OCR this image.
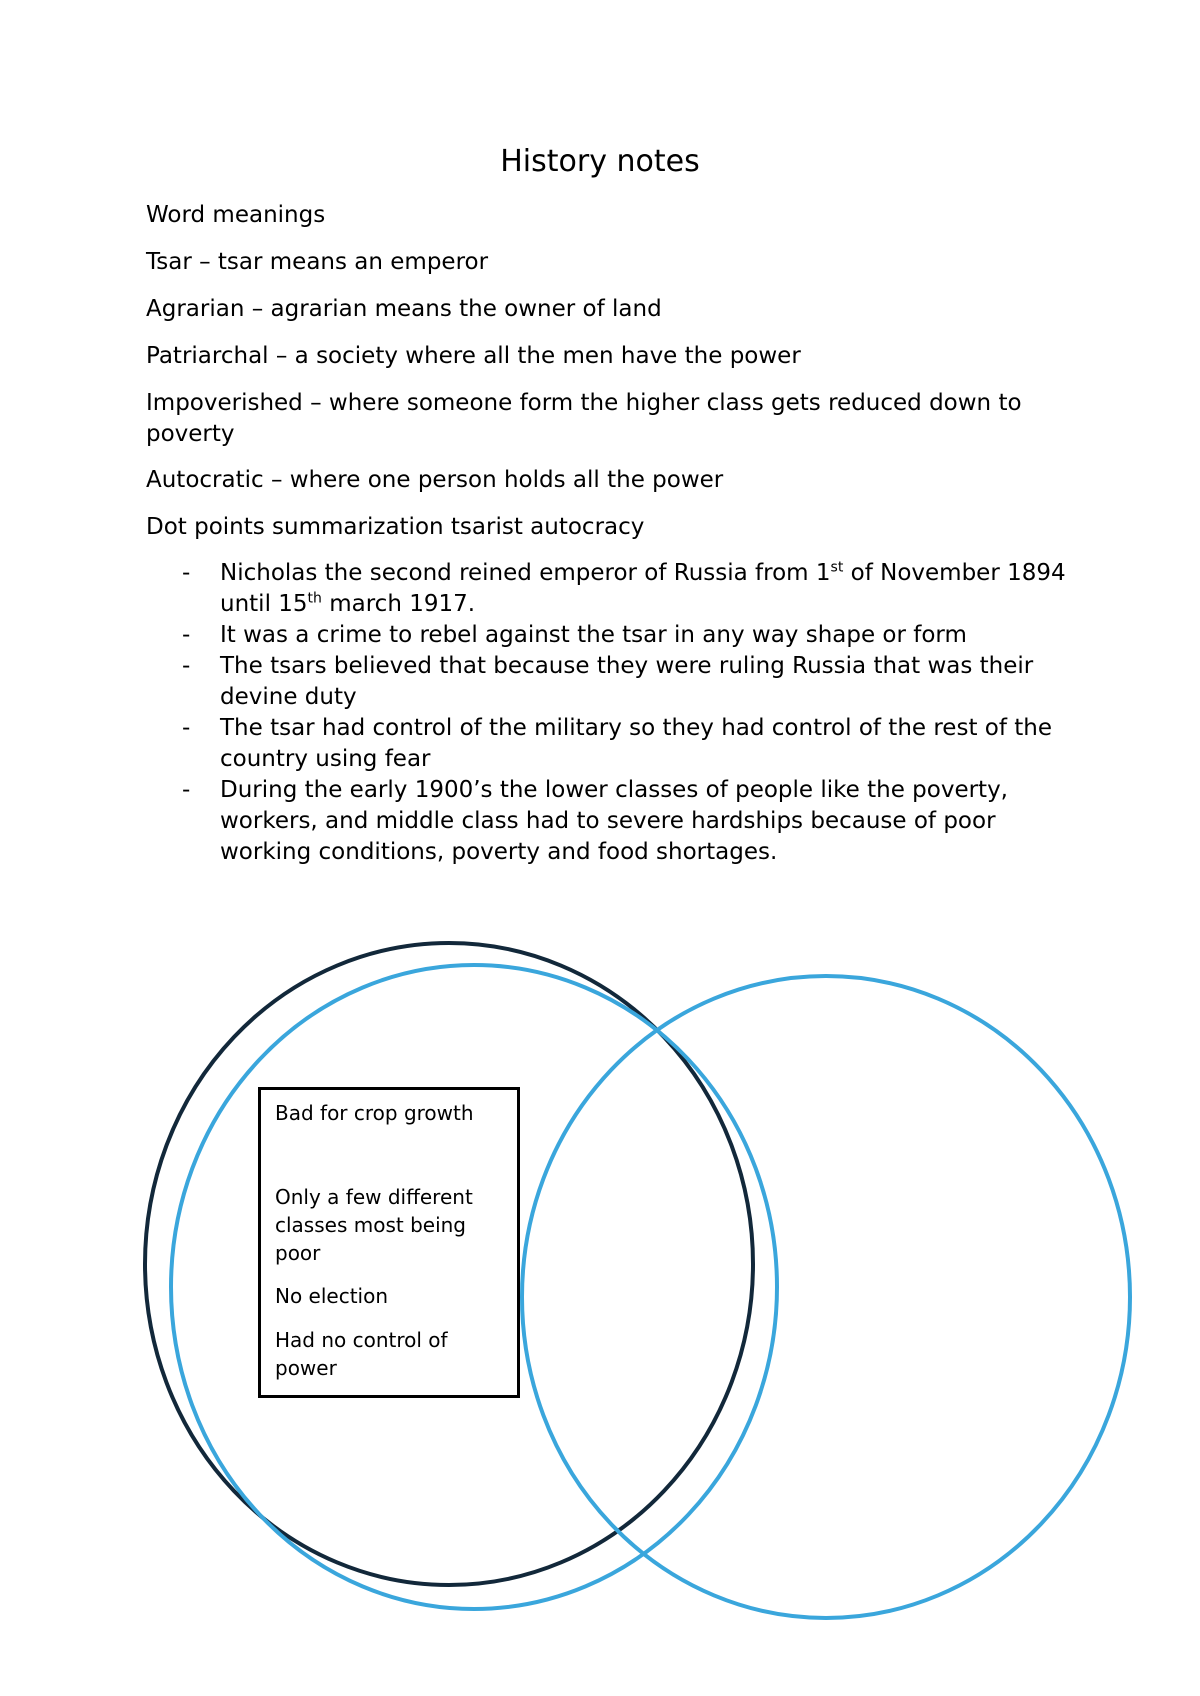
History notes
Word meanings
Tsar – tsar means an emperor
Agrarian – agrarian means the owner of land
Patriarchal – a society where all the men have the power
Impoverished – where someone form the higher class gets reduced down to poverty
Autocratic – where one person holds all the power
Dot points summarization tsarist autocracy
- Nicholas the second reined emperor of Russia from 1st of November 1894 until 15th march 1917.
- It was a crime to rebel against the tsar in any way shape or form
- The tsars believed that because they were ruling Russia that was their devine duty
- The tsar had control of the military so they had control of the rest of the country using fear
- During the early 1900’s the lower classes of people like the poverty, workers, and middle class had to severe hardships because of poor working conditions, poverty and food shortages.

Bad for crop growth

Only a few different classes most being poor

No election

Had no control of power
